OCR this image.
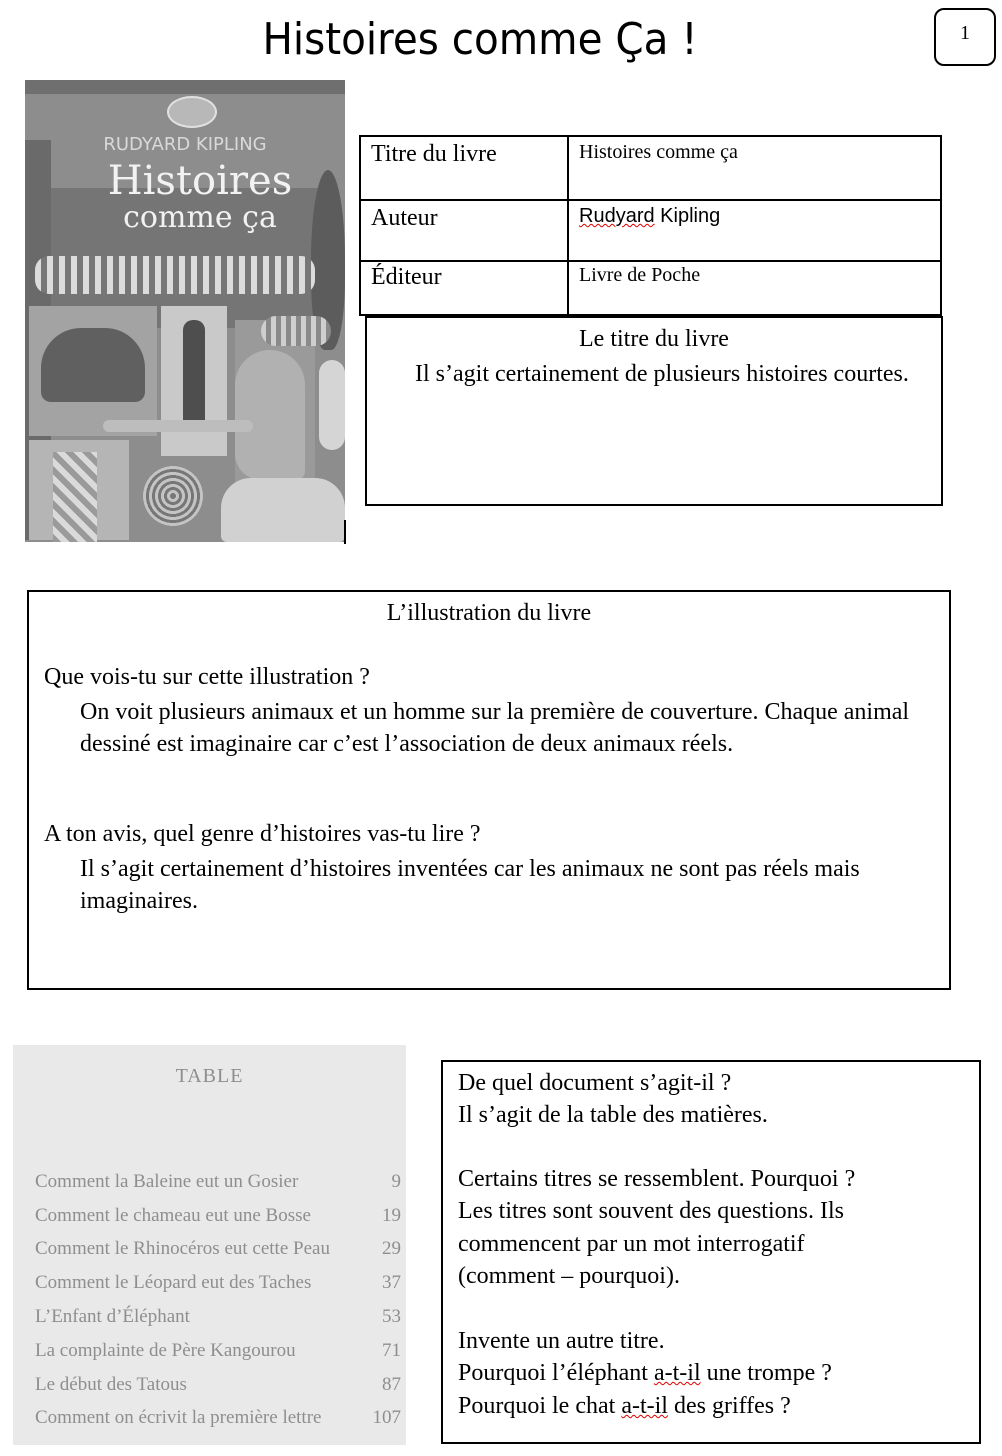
Histoires comme Ça !	1
RUDYARD KIPLING
Histoires
comme ça
Titre du livre	Histoires comme ça
Auteur	Rudyard Kipling
Éditeur	Livre de Poche
Le titre du livre
Il s’agit certainement de plusieurs histoires courtes.
L’illustration du livre
Que vois-tu sur cette illustration ?
On voit plusieurs animaux et un homme sur la première de couverture. Chaque animal dessiné est imaginaire car c’est l’association de deux animaux réels.
A ton avis, quel genre d’histoires vas-tu lire ?
Il s’agit certainement d’histoires inventées car les animaux ne sont pas réels mais imaginaires.
TABLE
Comment la Baleine eut un Gosier	9
Comment le chameau eut une Bosse	19
Comment le Rhinocéros eut cette Peau	29
Comment le Léopard eut des Taches	37
L’Enfant d’Éléphant	53
La complainte de Père Kangourou	71
Le début des Tatous	87
Comment on écrivit la première lettre	107
De quel document s’agit-il ?
Il s’agit de la table des matières.
Certains titres se ressemblent. Pourquoi ?
Les titres sont souvent des questions. Ils
commencent par un mot interrogatif
(comment – pourquoi).
Invente un autre titre.
Pourquoi l’éléphant a-t-il une trompe ?
Pourquoi le chat a-t-il des griffes ?
